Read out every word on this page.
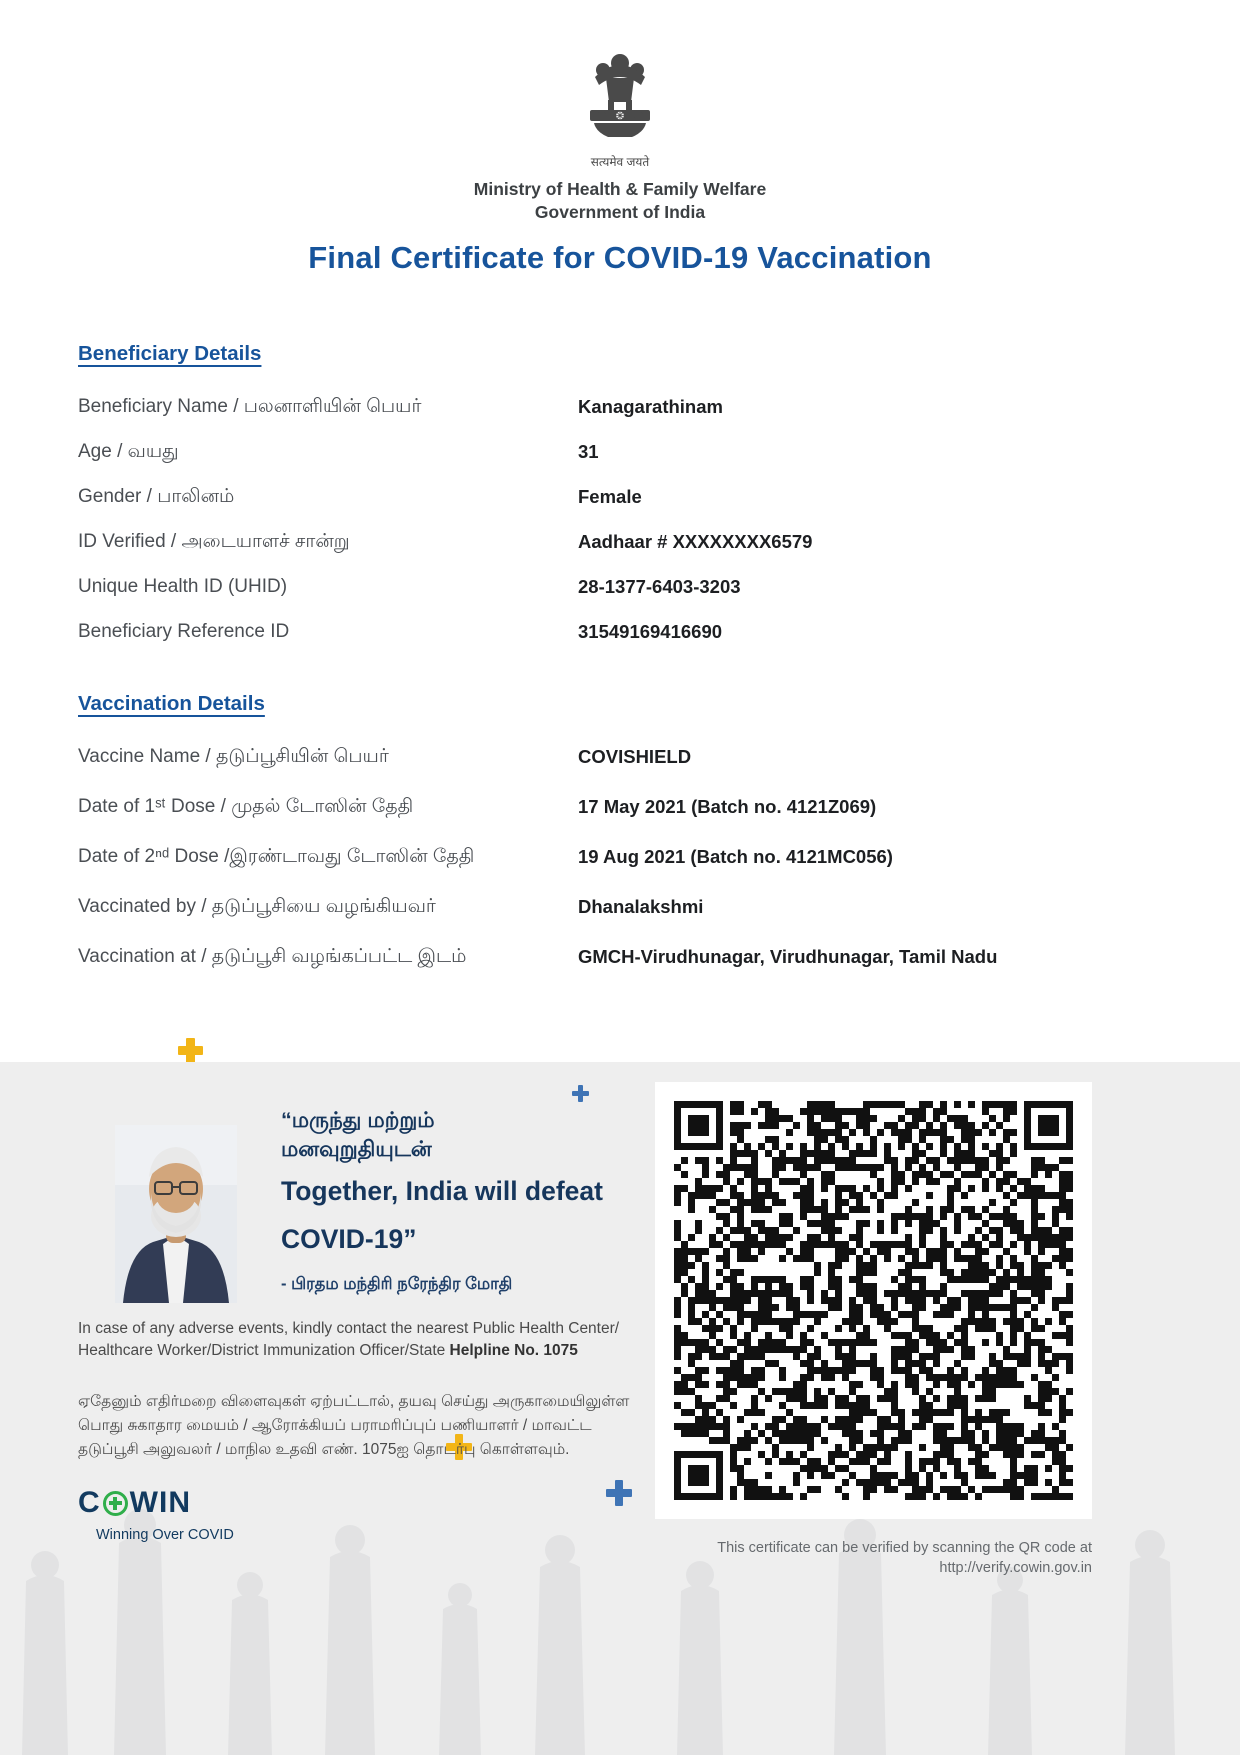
सत्यमेव जयते
Ministry of Health & Family Welfare
Government of India
Final Certificate for COVID-19 Vaccination
Beneficiary Details
Beneficiary Name / பலனாளியின் பெயர்	Kanagarathinam
Age / வயது	31
Gender / பாலினம்	Female
ID Verified / அடையாளச் சான்று	Aadhaar # XXXXXXXX6579
Unique Health ID (UHID)	28-1377-6403-3203
Beneficiary Reference ID	31549169416690
Vaccination Details
Vaccine Name / தடுப்பூசியின் பெயர்	COVISHIELD
Date of 1ˢᵗ Dose / முதல் டோஸின் தேதி	17 May 2021 (Batch no. 4121Z069)
Date of 2ⁿᵈ Dose /இரண்டாவது டோஸின் தேதி	19 Aug 2021 (Batch no. 4121MC056)
Vaccinated by / தடுப்பூசியை வழங்கியவர்	Dhanalakshmi
Vaccination at / தடுப்பூசி வழங்கப்பட்ட இடம்	GMCH-Virudhunagar, Virudhunagar, Tamil Nadu
“மருந்து மற்றும்
மனவுறுதியுடன்
Together, India will defeat
COVID-19”
- பிரதம மந்திரி நரேந்திர மோதி
In case of any adverse events, kindly contact the nearest Public Health Center/
Healthcare Worker/District Immunization Officer/State Helpline No. 1075
ஏதேனும் எதிர்மறை விளைவுகள் ஏற்பட்டால், தயவு செய்து அருகாமையிலுள்ள பொது சுகாதார மையம் / ஆரோக்கியப் பராமரிப்புப் பணியாளர் / மாவட்ட தடுப்பூசி அலுவலர் / மாநில உதவி எண். 1075ஐ தொடர்பு கொள்ளவும்.
C WIN
Winning Over COVID
This certificate can be verified by scanning the QR code at
http://verify.cowin.gov.in
